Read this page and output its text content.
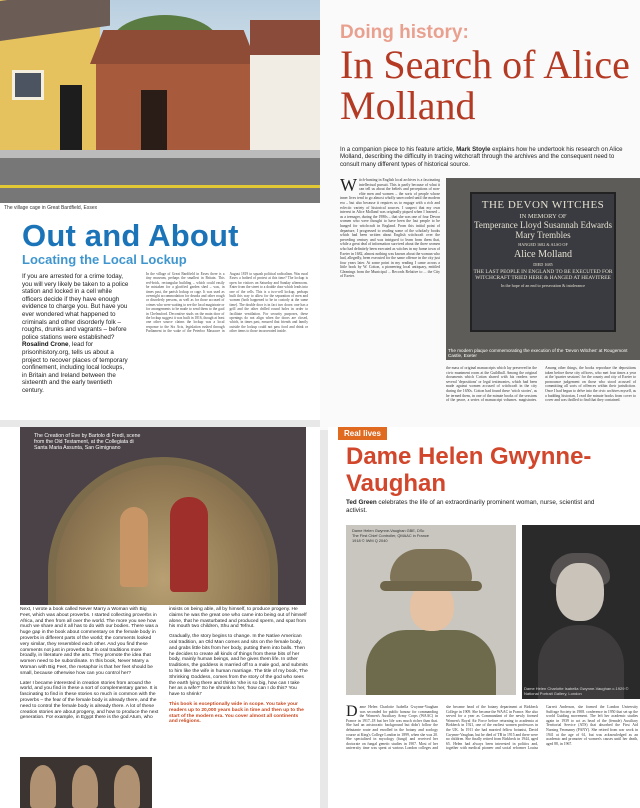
The village cage in Great Bardfield, Essex
Out and About
Locating the Local Lockup
If you are arrested for a crime today, you will very likely be taken to a police station and locked in a cell while officers decide if they have enough evidence to charge you. But have you ever wondered what happened to criminals and other disorderly folk – roughs, drunks and vagrants – before police stations were established?
Rosalind Crone, lead for prisonhistory.org, tells us about a project to recover places of temporary confinement, including local lockups, in Britain and Ireland between the sixteenth and the early twentieth century.
In the village of Great Bardfield in Essex there is a tiny museum, perhaps the smallest in Britain. This red-brick, rectangular building – which could easily be mistaken for a glorified garden shed – was, in times past, the parish lockup or cage. It was used as overnight accommodation for drunks and other rough or disorderly persons, as well as for those accused of crimes who were waiting to see the local magistrate or for arrangements to be made to send them to the gaol in Chelmsford. Decorative studs on the main door of the lockup suggest it was built in 1816, though at least one other source claims the lockup was a local response to the Six Acts, legislation rushed through Parliament in the wake of the Peterloo Massacre in August 1819 to squash political radicalism. Was rural Essex a hotbed of protest at this time? The lockup is open for visitors on Saturday and Sunday afternoons. Enter from the street to a double door which leads into one of the cells. This is a two-cell lockup, perhaps built this way to allow for the separation of men and women (both happened to be in custody at the same time). The double door is in fact two doors: one has a grill and the other drilled round holes in order to facilitate ventilation. For security purposes, these openings do not align when the doors are closed, which, in times past, ensured that friends and family outside the lockup could not pass food and drink or other items to those incarcerated inside.
Doing history:
In Search of Alice Molland
In a companion piece to his feature article, Mark Stoyle explains how he undertook his research on Alice Molland, describing the difficulty in tracing witchcraft through the archives and the consequent need to consult many different types of historical source.
Witch-hunting in English local archives is a fascinating intellectual pursuit. This is partly because of what it can tell us about the beliefs and perceptions of non-elite men and women – the sorts of people whose inner lives tend to go almost wholly unrecorded until the modern era – but also because it requires us to engage with a rich and eclectic variety of historical sources. I suspect that my own interest in Alice Molland was originally piqued when I learned – as a teenager, during the 1980s – that she was one of four Devon women who were thought to have been the last people to be hanged for witchcraft in England. From this initial point of departure, I progressed to reading some of the scholarly books which had been written about English witchcraft over the preceding century and was intrigued to learn from them that, while a great deal of information survived about the three women who had definitely been executed as witches in my home town of Exeter in 1682, almost nothing was known about the woman who had, allegedly, been executed for the same offence in the city just four years later. At some point in my reading I came across a little book by W. Cotton, a pioneering local antiquary, entitled Gleanings from the Municipal ... Records Relative to ... the City of Exeter.
THE DEVON WITCHES
IN MEMORY OF
Temperance Lloyd Susannah Edwards Mary Trembles
HANGED 1682 & ALSO OF
Alice Molland
DIED 1685
THE LAST PEOPLE IN ENGLAND TO BE EXECUTED FOR WITCHCRAFT TRIED HERE & HANGED AT HEAVITREE
In the hope of an end to persecution & intolerance
The modern plaque commemorating the execution of the 'Devon Witches' at Rougemont Castle, Exeter
the mass of original manuscripts which lay preserved in the civic muniment room at the Guildhall. Among the original documents which Cotton shared with his readers were several 'depositions' or legal testimonies, which had been made against women accused of witchcraft in the city during the 1650s. Cotton had found these 'witch stories', as he termed them, in one of the minute books of the sessions of the peace, a series of manuscript volumes. magistrates. Among other things, the books reproduce the depositions taken before these city officers, who met four times a year at the 'quarter sessions' for the county and city of Exeter to pronounce judgement on those who stood accused of committing all sorts of offences within their jurisdiction. Once I had begun to delve into the civic archives myself, as a budding historian, I read the minute books from cover to cover and was thrilled to find that they contained.
The Creation of Eve by Bartolo di Fredi, scene from the Old Testament, at the Collegiata di Santa Maria Assunta, San Gimignano

Next, I wrote a book called Never Marry a Woman with Big Feet, which was about proverbs. I started collecting proverbs in Africa, and then from all over the world. The more you see how much we share and it all has to do with our bodies. There was a huge gap in the book about commentary on the female body in proverbs in different parts of the world; the comments looked very similar, they resembled each other. And you find these comments not just in proverbs but in oral traditions more broadly, in literature and the arts. They promote the idea that women need to be subordinate. In this book, Never Marry a Woman with Big Feet, the metaphor is that her feet should be small, because otherwise how can you control her?

Later I became interested in creation stories from around the world, and you find in these a sort of complementary game. It is fascinating to find in these stories so much in common with the proverbs – the fear of the female body is already there, and the need to control the female body is already there. A lot of these creation stories are about progeny, and how to produce the next generation. For example, in Egypt there is the god Atum, who insists on being able, all by himself, to produce progeny. He claims he was the great one who came into being out of himself alone, that he masturbated and produced sperm, and spat from his mouth two children, Shu and Tefnut.

Gradually, the story begins to change. In the Native American oral tradition, an Old Man comes and sits on the female body, and grabs little bits from her body, putting them into balls. Then he decides to create all kinds of things from these bits of her body, mainly human beings, and he gives them life. In other traditions, the goddess is married off to a male god, and submits to him like the wife in human marriage. The title of my book, The Shrinking Goddess, comes from the story of the god who sees the earth lying there and thinks 'she is so big, how can I take her as a wife?' So he shrunk to her, 'how can I do this? You have to shrink!'

This book is exceptionally wide in scope. You take your readers up to 20,000 years back in time and then up to the start of the modern era. You cover almost all continents and religions.

Real lives
Dame Helen Gwynne-Vaughan
Ted Green celebrates the life of an extraordinarily prominent woman, nurse, scientist and activist.
Dame Helen Gwynne-Vaughan GBE, DSc The First Chief Controller, QMAAC in France 1918 © IWM Q 2040
Dame Helen Charlotte Isabella Gwynne-Vaughan c.1929 © National Portrait Gallery, London
Dame Helen Charlotte Isabella Gwynne-Vaughan was seconded for public honour for commanding the Women's Auxiliary Army Corps (WAAC) in France in 1917–18 but her life was much richer than that. She had an aristocratic background but didn't follow the debutante route and enrolled in the botany and zoology course at King's College London in 1899, when she was 20. She specialised in mycology (fungi) and received her doctorate on fungal genetic studies in 1907. Most of her university time was spent at various London colleges and she became head of the botany department at Birkbeck College in 1909. She became the WAAC in France. She also served for a year as Commandant of the newly formed Women's Royal Air Force before returning to academia at Birkbeck in 1921, one of the earliest women professors in the UK. In 1911 she had married fellow botanist, David Gwynne-Vaughan, but he died of TB in 1915 and there were no children. She finally retired from Birkbeck in 1944, aged 65. Helen had always been interested in politics and, together with medical pioneer and social reformer Louisa Garrett Anderson, she formed the London University Suffrage Society in 1908. conference in 1950 that set up the world Guiding movement. The left her academic studies again in 1939 to act as head of the (female) Auxiliary Territorial Service (ATS) that absorbed the First Aid Nursing Yeomanry (FANY). She retired from war work in 1941 at the age of 61, but was acknowledged as an academic and promoter of women's causes until her death, aged 88, in 1967.
